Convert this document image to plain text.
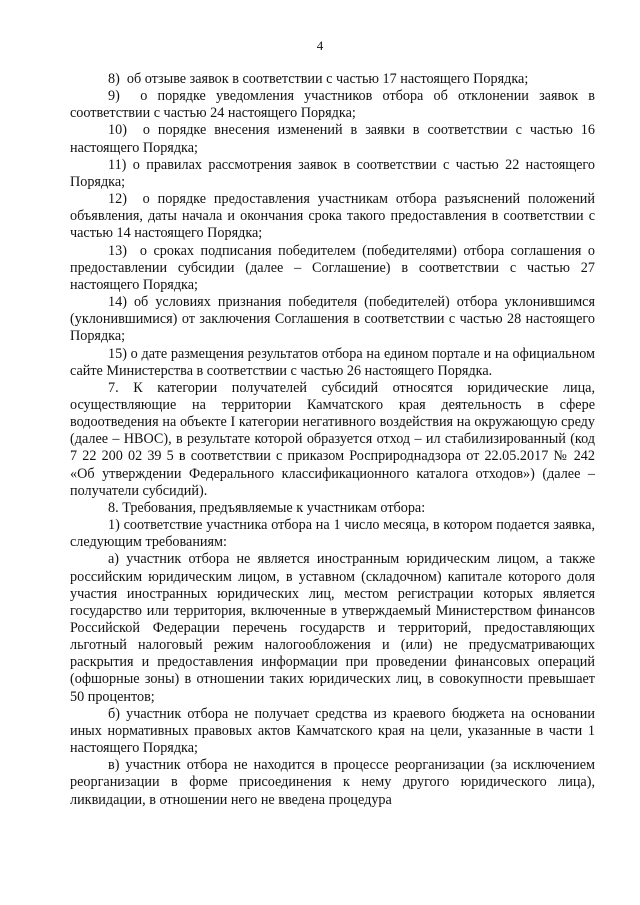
4

8)  об отзыве заявок в соответствии с частью 17 настоящего Порядка;

9)  о порядке уведомления участников отбора об отклонении заявок в соответствии с частью 24 настоящего Порядка;

10)  о порядке внесения изменений в заявки в соответствии с частью 16 настоящего Порядка;

11) о правилах рассмотрения заявок в соответствии с частью 22 настоящего Порядка;

12)  о порядке предоставления участникам отбора разъяснений положений объявления, даты начала и окончания срока такого предоставления в соответствии с частью 14 настоящего Порядка;

13)  о сроках подписания победителем (победителями) отбора соглашения о предоставлении субсидии (далее – Соглашение) в соответствии с частью 27 настоящего Порядка;

14) об условиях признания победителя (победителей) отбора уклонившимся (уклонившимися) от заключения Соглашения в соответствии с частью 28 настоящего Порядка;

15) о дате размещения результатов отбора на едином портале и на официальном сайте Министерства в соответствии с частью 26 настоящего Порядка.

7. К категории получателей субсидий относятся юридические лица, осуществляющие на территории Камчатского края деятельность в сфере водоотведения на объекте I категории негативного воздействия на окружающую среду (далее – НВОС), в результате которой образуется отход – ил стабилизированный (код 7 22 200 02 39 5 в соответствии с приказом Росприроднадзора от 22.05.2017 № 242 «Об утверждении Федерального классификационного каталога отходов») (далее – получатели субсидий).

8. Требования, предъявляемые к участникам отбора:

1) соответствие участника отбора на 1 число месяца, в котором подается заявка, следующим требованиям:

а) участник отбора не является иностранным юридическим лицом, а также российским юридическим лицом, в уставном (складочном) капитале которого доля участия иностранных юридических лиц, местом регистрации которых является государство или территория, включенные в утверждаемый Министерством финансов Российской Федерации перечень государств и территорий, предоставляющих льготный налоговый режим налогообложения и (или) не предусматривающих раскрытия и предоставления информации при проведении финансовых операций (офшорные зоны) в отношении таких юридических лиц, в совокупности превышает 50 процентов;

б) участник отбора не получает средства из краевого бюджета на основании иных нормативных правовых актов Камчатского края на цели, указанные в части 1 настоящего Порядка;

в) участник отбора не находится в процессе реорганизации (за исключением реорганизации в форме присоединения к нему другого юридического лица), ликвидации, в отношении него не введена процедура
